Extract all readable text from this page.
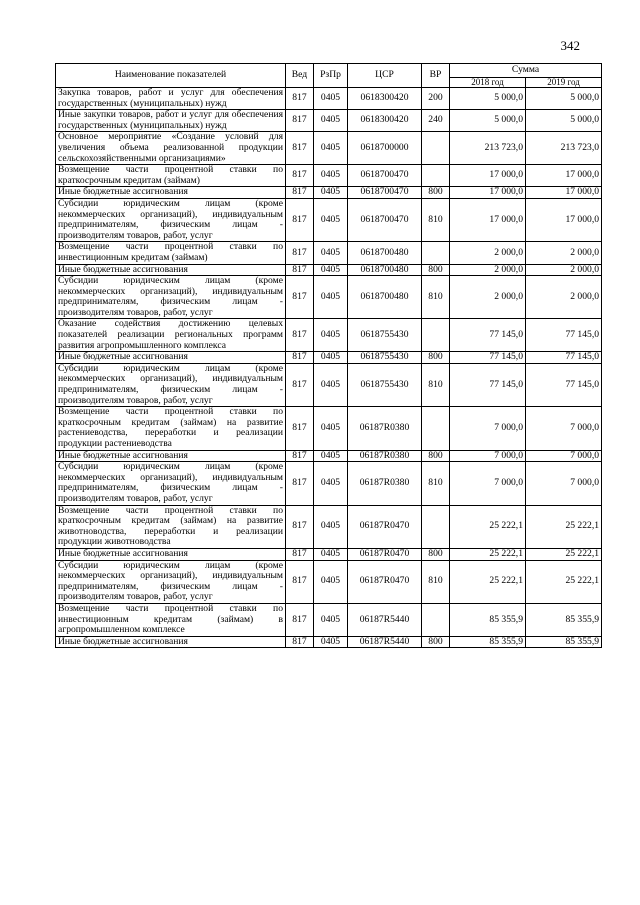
342
Наименование показателей	Вед	РзПр	ЦСР	ВР	Сумма	
					2018 год	2019 год
Закупка товаров, работ и услуг для обеспечения государственных (муниципальных) нужд	817	0405	0618300420	200	5 000,0	5 000,0
Иные закупки товаров, работ и услуг для обеспечения государственных (муниципальных) нужд	817	0405	0618300420	240	5 000,0	5 000,0
Основное мероприятие «Создание условий для увеличения объема реализованной продукции сельскохозяйственными организациями»	817	0405	0618700000		213 723,0	213 723,0
Возмещение части процентной ставки по краткосрочным кредитам (займам)	817	0405	0618700470		17 000,0	17 000,0
Иные бюджетные ассигнования	817	0405	0618700470	800	17 000,0	17 000,0
Субсидии юридическим лицам (кроме некоммерческих организаций), индивидуальным предпринимателям, физическим лицам - производителям товаров, работ, услуг	817	0405	0618700470	810	17 000,0	17 000,0
Возмещение части процентной ставки по инвестиционным кредитам (займам)	817	0405	0618700480		2 000,0	2 000,0
Иные бюджетные ассигнования	817	0405	0618700480	800	2 000,0	2 000,0
Субсидии юридическим лицам (кроме некоммерческих организаций), индивидуальным предпринимателям, физическим лицам - производителям товаров, работ, услуг	817	0405	0618700480	810	2 000,0	2 000,0
Оказание содействия достижению целевых показателей реализации региональных программ развития агропромышленного комплекса	817	0405	0618755430		77 145,0	77 145,0
Иные бюджетные ассигнования	817	0405	0618755430	800	77 145,0	77 145,0
Субсидии юридическим лицам (кроме некоммерческих организаций), индивидуальным предпринимателям, физическим лицам - производителям товаров, работ, услуг	817	0405	0618755430	810	77 145,0	77 145,0
Возмещение части процентной ставки по краткосрочным кредитам (займам) на развитие растениеводства, переработки и реализации продукции растениеводства	817	0405	06187R0380		7 000,0	7 000,0
Иные бюджетные ассигнования	817	0405	06187R0380	800	7 000,0	7 000,0
Субсидии юридическим лицам (кроме некоммерческих организаций), индивидуальным предпринимателям, физическим лицам - производителям товаров, работ, услуг	817	0405	06187R0380	810	7 000,0	7 000,0
Возмещение части процентной ставки по краткосрочным кредитам (займам) на развитие животноводства, переработки и реализации продукции животноводства	817	0405	06187R0470		25 222,1	25 222,1
Иные бюджетные ассигнования	817	0405	06187R0470	800	25 222,1	25 222,1
Субсидии юридическим лицам (кроме некоммерческих организаций), индивидуальным предпринимателям, физическим лицам - производителям товаров, работ, услуг	817	0405	06187R0470	810	25 222,1	25 222,1
Возмещение части процентной ставки по инвестиционным кредитам (займам) в агропромышленном комплексе	817	0405	06187R5440		85 355,9	85 355,9
Иные бюджетные ассигнования	817	0405	06187R5440	800	85 355,9	85 355,9
